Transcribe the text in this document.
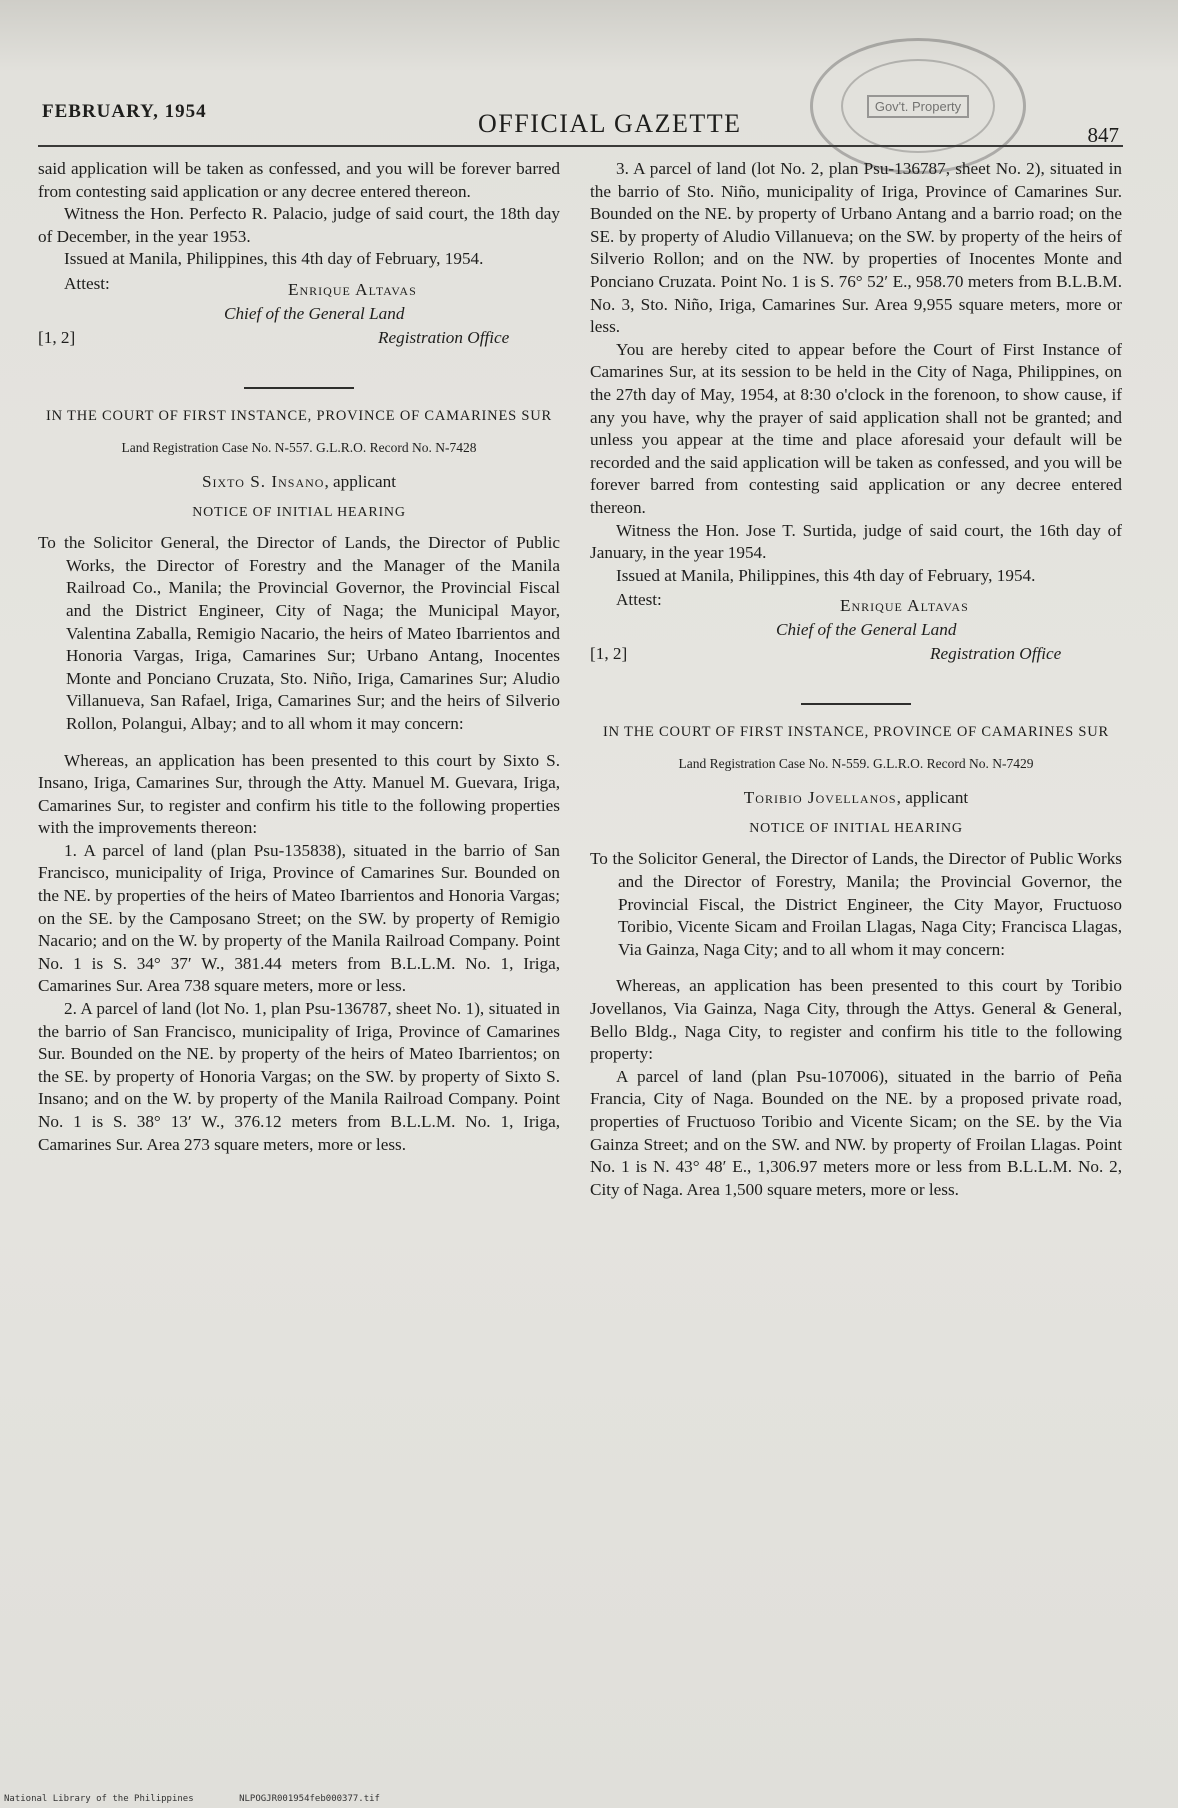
FEBRUARY, 1954	OFFICIAL GAZETTE	847
Gov't. Property

said application will be taken as confessed, and you will be forever barred from contesting said application or any decree entered thereon.

Witness the Hon. Perfecto R. Palacio, judge of said court, the 18th day of December, in the year 1953.

Issued at Manila, Philippines, this 4th day of February, 1954.

Attest:	Enrique Altavas
Chief of the General Land
[1, 2]	Registration Office
IN THE COURT OF FIRST INSTANCE, PROVINCE OF CAMARINES SUR
Land Registration Case No. N-557. G.L.R.O. Record No. N-7428
Sixto S. Insano, applicant
NOTICE OF INITIAL HEARING

To the Solicitor General, the Director of Lands, the Director of Public Works, the Director of Forestry and the Manager of the Manila Railroad Co., Manila; the Provincial Governor, the Provincial Fiscal and the District Engineer, City of Naga; the Municipal Mayor, Valentina Zaballa, Remigio Nacario, the heirs of Mateo Ibarrientos and Honoria Vargas, Iriga, Camarines Sur; Urbano Antang, Inocentes Monte and Ponciano Cruzata, Sto. Niño, Iriga, Camarines Sur; Aludio Villanueva, San Rafael, Iriga, Camarines Sur; and the heirs of Silverio Rollon, Polangui, Albay; and to all whom it may concern:

Whereas, an application has been presented to this court by Sixto S. Insano, Iriga, Camarines Sur, through the Atty. Manuel M. Guevara, Iriga, Camarines Sur, to register and confirm his title to the following properties with the improvements thereon:

1. A parcel of land (plan Psu-135838), situated in the barrio of San Francisco, municipality of Iriga, Province of Camarines Sur. Bounded on the NE. by properties of the heirs of Mateo Ibarrientos and Honoria Vargas; on the SE. by the Camposano Street; on the SW. by property of Remigio Nacario; and on the W. by property of the Manila Railroad Company. Point No. 1 is S. 34° 37′ W., 381.44 meters from B.L.L.M. No. 1, Iriga, Camarines Sur. Area 738 square meters, more or less.

2. A parcel of land (lot No. 1, plan Psu-136787, sheet No. 1), situated in the barrio of San Francisco, municipality of Iriga, Province of Camarines Sur. Bounded on the NE. by property of the heirs of Mateo Ibarrientos; on the SE. by property of Honoria Vargas; on the SW. by property of Sixto S. Insano; and on the W. by property of the Manila Railroad Company. Point No. 1 is S. 38° 13′ W., 376.12 meters from B.L.L.M. No. 1, Iriga, Camarines Sur. Area 273 square meters, more or less.

3. A parcel of land (lot No. 2, plan Psu-136787, sheet No. 2), situated in the barrio of Sto. Niño, municipality of Iriga, Province of Camarines Sur. Bounded on the NE. by property of Urbano Antang and a barrio road; on the SE. by property of Aludio Villanueva; on the SW. by property of the heirs of Silverio Rollon; and on the NW. by properties of Inocentes Monte and Ponciano Cruzata. Point No. 1 is S. 76° 52′ E., 958.70 meters from B.L.B.M. No. 3, Sto. Niño, Iriga, Camarines Sur. Area 9,955 square meters, more or less.

You are hereby cited to appear before the Court of First Instance of Camarines Sur, at its session to be held in the City of Naga, Philippines, on the 27th day of May, 1954, at 8:30 o'clock in the forenoon, to show cause, if any you have, why the prayer of said application shall not be granted; and unless you appear at the time and place aforesaid your default will be recorded and the said application will be taken as confessed, and you will be forever barred from contesting said application or any decree entered thereon.

Witness the Hon. Jose T. Surtida, judge of said court, the 16th day of January, in the year 1954.

Issued at Manila, Philippines, this 4th day of February, 1954.

Attest:	Enrique Altavas
Chief of the General Land
[1, 2]	Registration Office
IN THE COURT OF FIRST INSTANCE, PROVINCE OF CAMARINES SUR
Land Registration Case No. N-559. G.L.R.O. Record No. N-7429
Toribio Jovellanos, applicant
NOTICE OF INITIAL HEARING

To the Solicitor General, the Director of Lands, the Director of Public Works and the Director of Forestry, Manila; the Provincial Governor, the Provincial Fiscal, the District Engineer, the City Mayor, Fructuoso Toribio, Vicente Sicam and Froilan Llagas, Naga City; Francisca Llagas, Via Gainza, Naga City; and to all whom it may concern:

Whereas, an application has been presented to this court by Toribio Jovellanos, Via Gainza, Naga City, through the Attys. General & General, Bello Bldg., Naga City, to register and confirm his title to the following property:

A parcel of land (plan Psu-107006), situated in the barrio of Peña Francia, City of Naga. Bounded on the NE. by a proposed private road, properties of Fructuoso Toribio and Vicente Sicam; on the SE. by the Via Gainza Street; and on the SW. and NW. by property of Froilan Llagas. Point No. 1 is N. 43° 48′ E., 1,306.97 meters more or less from B.L.L.M. No. 2, City of Naga. Area 1,500 square meters, more or less.

National Library of the Philippines	NLPOGJR001954feb000377.tif
